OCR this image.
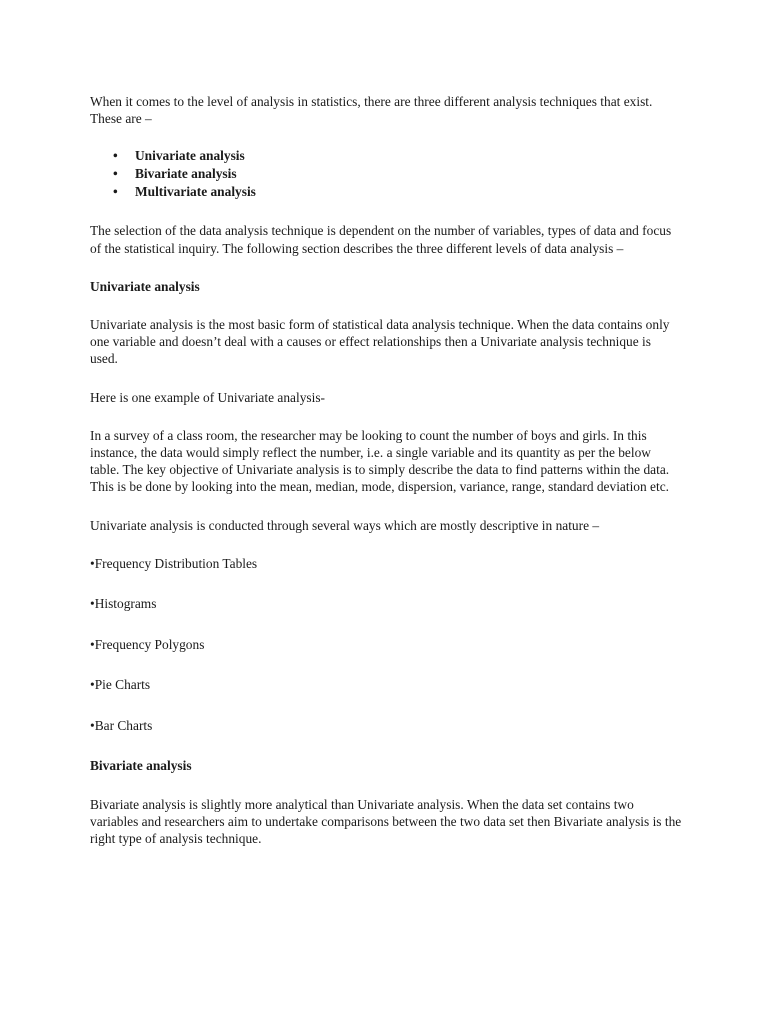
When it comes to the level of analysis in statistics, there are three different analysis techniques that exist. These are –

• Univariate analysis
• Bivariate analysis
• Multivariate analysis

The selection of the data analysis technique is dependent on the number of variables, types of data and focus of the statistical inquiry. The following section describes the three different levels of data analysis –

Univariate analysis

Univariate analysis is the most basic form of statistical data analysis technique. When the data contains only one variable and doesn’t deal with a causes or effect relationships then a Univariate analysis technique is used.

Here is one example of Univariate analysis-

In a survey of a class room, the researcher may be looking to count the number of boys and girls. In this instance, the data would simply reflect the number, i.e. a single variable and its quantity as per the below table. The key objective of Univariate analysis is to simply describe the data to find patterns within the data. This is be done by looking into the mean, median, mode, dispersion, variance, range, standard deviation etc.

Univariate analysis is conducted through several ways which are mostly descriptive in nature –

•Frequency Distribution Tables

•Histograms

•Frequency Polygons

•Pie Charts

•Bar Charts

Bivariate analysis

Bivariate analysis is slightly more analytical than Univariate analysis. When the data set contains two variables and researchers aim to undertake comparisons between the two data set then Bivariate analysis is the right type of analysis technique.
